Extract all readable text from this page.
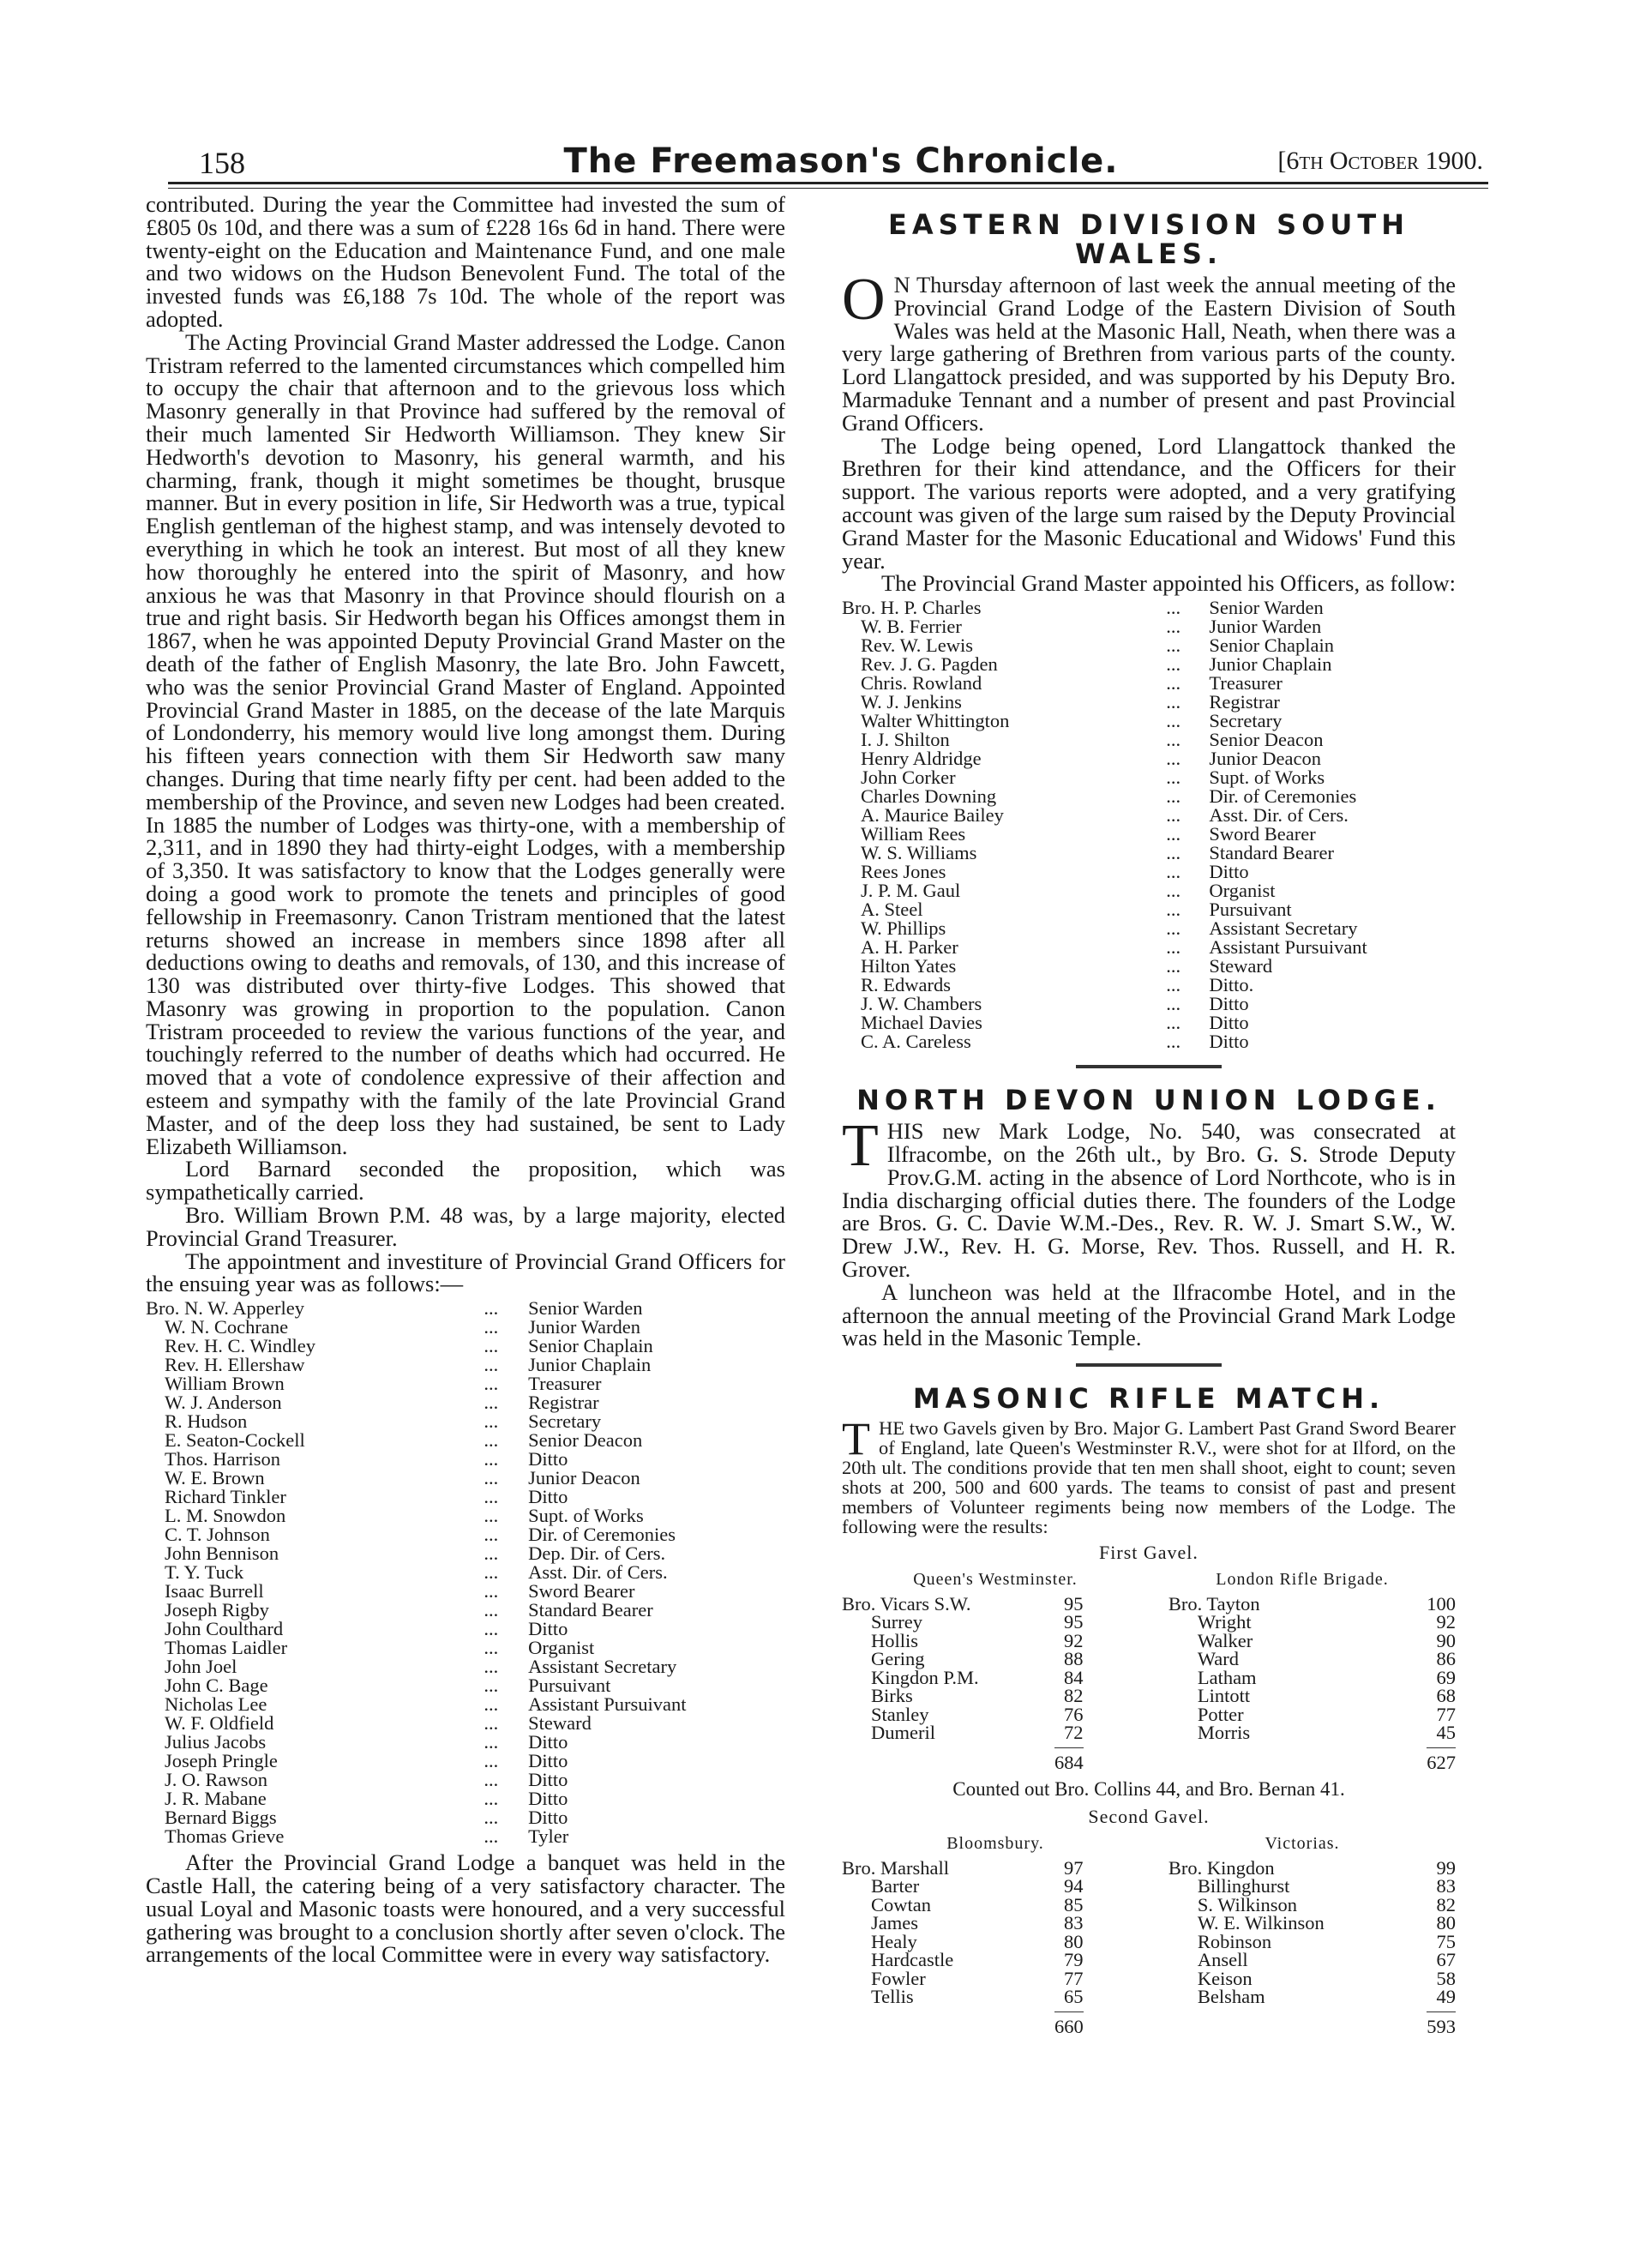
158	The Freemason's Chronicle.	[6th October 1900.

contributed. During the year the Committee had invested the sum of £805 0s 10d, and there was a sum of £228 16s 6d in hand. There were twenty-eight on the Education and Maintenance Fund, and one male and two widows on the Hudson Benevolent Fund. The total of the invested funds was £6,188 7s 10d. The whole of the report was adopted.

The Acting Provincial Grand Master addressed the Lodge. Canon Tristram referred to the lamented circumstances which compelled him to occupy the chair that afternoon and to the grievous loss which Masonry generally in that Province had suffered by the removal of their much lamented Sir Hedworth Williamson. They knew Sir Hedworth's devotion to Masonry, his general warmth, and his charming, frank, though it might sometimes be thought, brusque manner. But in every position in life, Sir Hedworth was a true, typical English gentleman of the highest stamp, and was intensely devoted to everything in which he took an interest. But most of all they knew how thoroughly he entered into the spirit of Masonry, and how anxious he was that Masonry in that Province should flourish on a true and right basis. Sir Hedworth began his Offices amongst them in 1867, when he was appointed Deputy Provincial Grand Master on the death of the father of English Masonry, the late Bro. John Fawcett, who was the senior Provincial Grand Master of England. Appointed Provincial Grand Master in 1885, on the decease of the late Marquis of Londonderry, his memory would live long amongst them. During his fifteen years connection with them Sir Hedworth saw many changes. During that time nearly fifty per cent. had been added to the membership of the Province, and seven new Lodges had been created. In 1885 the number of Lodges was thirty-one, with a membership of 2,311, and in 1890 they had thirty-eight Lodges, with a membership of 3,350. It was satisfactory to know that the Lodges generally were doing a good work to promote the tenets and principles of good fellowship in Freemasonry. Canon Tristram mentioned that the latest returns showed an increase in members since 1898 after all deductions owing to deaths and removals, of 130, and this increase of 130 was distributed over thirty-five Lodges. This showed that Masonry was growing in proportion to the population. Canon Tristram proceeded to review the various functions of the year, and touchingly referred to the number of deaths which had occurred. He moved that a vote of condolence expressive of their affection and esteem and sympathy with the family of the late Provincial Grand Master, and of the deep loss they had sustained, be sent to Lady Elizabeth Williamson.

Lord Barnard seconded the proposition, which was sympathetically carried.

Bro. William Brown P.M. 48 was, by a large majority, elected Provincial Grand Treasurer.

The appointment and investiture of Provincial Grand Officers for the ensuing year was as follows:—

Bro. N. W. Apperley	...	Senior Warden
W. N. Cochrane	...	Junior Warden
Rev. H. C. Windley	...	Senior Chaplain
Rev. H. Ellershaw	...	Junior Chaplain
William Brown	...	Treasurer
W. J. Anderson	...	Registrar
R. Hudson	...	Secretary
E. Seaton-Cockell	...	Senior Deacon
Thos. Harrison	...	Ditto
W. E. Brown	...	Junior Deacon
Richard Tinkler	...	Ditto
L. M. Snowdon	...	Supt. of Works
C. T. Johnson	...	Dir. of Ceremonies
John Bennison	...	Dep. Dir. of Cers.
T. Y. Tuck	...	Asst. Dir. of Cers.
Isaac Burrell	...	Sword Bearer
Joseph Rigby	...	Standard Bearer
John Coulthard	...	Ditto
Thomas Laidler	...	Organist
John Joel	...	Assistant Secretary
John C. Bage	...	Pursuivant
Nicholas Lee	...	Assistant Pursuivant
W. F. Oldfield	...	Steward
Julius Jacobs	...	Ditto
Joseph Pringle	...	Ditto
J. O. Rawson	...	Ditto
J. R. Mabane	...	Ditto
Bernard Biggs	...	Ditto
Thomas Grieve	...	Tyler

After the Provincial Grand Lodge a banquet was held in the Castle Hall, the catering being of a very satisfactory character. The usual Loyal and Masonic toasts were honoured, and a very successful gathering was brought to a conclusion shortly after seven o'clock. The arrangements of the local Committee were in every way satisfactory.

EASTERN DIVISION SOUTH WALES.

O N Thursday afternoon of last week the annual meeting of the Provincial Grand Lodge of the Eastern Division of South Wales was held at the Masonic Hall, Neath, when there was a very large gathering of Brethren from various parts of the county. Lord Llangattock presided, and was supported by his Deputy Bro. Marmaduke Tennant and a number of present and past Provincial Grand Officers.

The Lodge being opened, Lord Llangattock thanked the Brethren for their kind attendance, and the Officers for their support. The various reports were adopted, and a very gratifying account was given of the large sum raised by the Deputy Provincial Grand Master for the Masonic Educational and Widows' Fund this year.

The Provincial Grand Master appointed his Officers, as follow:

Bro. H. P. Charles	...	Senior Warden
W. B. Ferrier	...	Junior Warden
Rev. W. Lewis	...	Senior Chaplain
Rev. J. G. Pagden	...	Junior Chaplain
Chris. Rowland	...	Treasurer
W. J. Jenkins	...	Registrar
Walter Whittington	...	Secretary
I. J. Shilton	...	Senior Deacon
Henry Aldridge	...	Junior Deacon
John Corker	...	Supt. of Works
Charles Downing	...	Dir. of Ceremonies
A. Maurice Bailey	...	Asst. Dir. of Cers.
William Rees	...	Sword Bearer
W. S. Williams	...	Standard Bearer
Rees Jones	...	Ditto
J. P. M. Gaul	...	Organist
A. Steel	...	Pursuivant
W. Phillips	...	Assistant Secretary
A. H. Parker	...	Assistant Pursuivant
Hilton Yates	...	Steward
R. Edwards	...	Ditto.
J. W. Chambers	...	Ditto
Michael Davies	...	Ditto
C. A. Careless	...	Ditto
NORTH DEVON UNION LODGE.

THIS new Mark Lodge, No. 540, was consecrated at Ilfracombe, on the 26th ult., by Bro. G. S. Strode Deputy Prov.G.M. acting in the absence of Lord Northcote, who is in India discharging official duties there. The founders of the Lodge are Bros. G. C. Davie W.M.-Des., Rev. R. W. J. Smart S.W., W. Drew J.W., Rev. H. G. Morse, Rev. Thos. Russell, and H. R. Grover.

A luncheon was held at the Ilfracombe Hotel, and in the afternoon the annual meeting of the Provincial Grand Mark Lodge was held in the Masonic Temple.

MASONIC RIFLE MATCH.

THE two Gavels given by Bro. Major G. Lambert Past Grand Sword Bearer of England, late Queen's Westminster R.V., were shot for at Ilford, on the 20th ult. The conditions provide that ten men shall shoot, eight to count; seven shots at 200, 500 and 600 yards. The teams to consist of past and present members of Volunteer regiments being now members of the Lodge. The following were the results:

First Gavel.
Queen's Westminster.	London Rifle Brigade.
Bro. Vicars S.W.	95	Bro. Tayton	100
Surrey	95	Wright	92
Hollis	92	Walker	90
Gering	88	Ward	86
Kingdon P.M.	84	Latham	69
Birks	82	Lintott	68
Stanley	76	Potter	77
Dumeril	72	Morris	45
684	627
Counted out Bro. Collins 44, and Bro. Bernan 41.
Second Gavel.
Bloomsbury.	Victorias.
Bro. Marshall	97	Bro. Kingdon	99
Barter	94	Billinghurst	83
Cowtan	85	S. Wilkinson	82
James	83	W. E. Wilkinson	80
Healy	80	Robinson	75
Hardcastle	79	Ansell	67
Fowler	77	Keison	58
Tellis	65	Belsham	49
660	593
